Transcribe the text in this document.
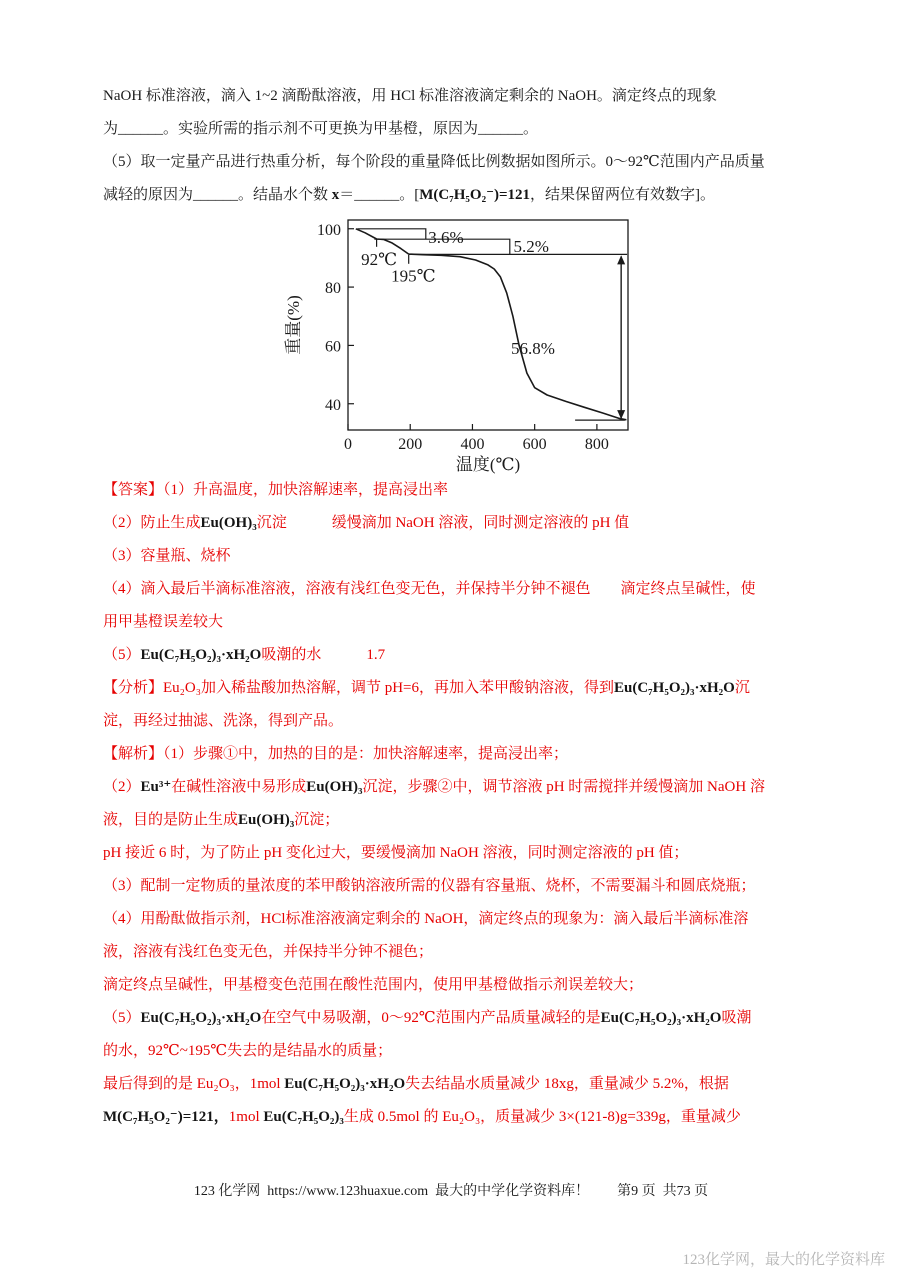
NaOH 标准溶液，滴入 1~2 滴酚酞溶液，用 HCl 标准溶液滴定剩余的 NaOH。滴定终点的现象
为______。实验所需的指示剂不可更换为甲基橙，原因为______。
（5）取一定量产品进行热重分析，每个阶段的重量降低比例数据如图所示。0～92℃范围内产品质量
减轻的原因为______。结晶水个数 x＝______。[M(C₇H₅O₂⁻)=121，结果保留两位有效数字]。
40
60
80
100
0	200 400 600 800
温度(℃)
重量(%)
3.6%	5.2%
56.8%
92℃
195℃
【答案】（1）升高温度，加快溶解速率，提高浸出率
（2）防止生成Eu(OH)₃沉淀　　　缓慢滴加 NaOH 溶液，同时测定溶液的 pH 值
（3）容量瓶、烧杯
（4）滴入最后半滴标准溶液，溶液有浅红色变无色，并保持半分钟不褪色　　滴定终点呈碱性，使
用甲基橙误差较大
（5）Eu(C₇H₅O₂)₃·xH₂O吸潮的水　　　1.7
【分析】Eu₂O₃加入稀盐酸加热溶解，调节 pH=6，再加入苯甲酸钠溶液，得到Eu(C₇H₅O₂)₃·xH₂O沉
淀，再经过抽滤、洗涤，得到产品。
【解析】（1）步骤①中，加热的目的是：加快溶解速率，提高浸出率；
（2）Eu³⁺在碱性溶液中易形成Eu(OH)₃沉淀，步骤②中，调节溶液 pH 时需搅拌并缓慢滴加 NaOH 溶
液，目的是防止生成Eu(OH)₃沉淀；
pH 接近 6 时，为了防止 pH 变化过大，要缓慢滴加 NaOH 溶液，同时测定溶液的 pH 值；
（3）配制一定物质的量浓度的苯甲酸钠溶液所需的仪器有容量瓶、烧杯，不需要漏斗和圆底烧瓶；
（4）用酚酞做指示剂，HCl标准溶液滴定剩余的 NaOH，滴定终点的现象为：滴入最后半滴标准溶
液，溶液有浅红色变无色，并保持半分钟不褪色；
滴定终点呈碱性，甲基橙变色范围在酸性范围内，使用甲基橙做指示剂误差较大；
（5）Eu(C₇H₅O₂)₃·xH₂O在空气中易吸潮，0～92℃范围内产品质量减轻的是Eu(C₇H₅O₂)₃·xH₂O吸潮
的水，92℃~195℃失去的是结晶水的质量；
最后得到的是 Eu₂O₃，1mol Eu(C₇H₅O₂)₃·xH₂O失去结晶水质量减少 18xg，重量减少 5.2%，根据
M(C₇H₅O₂⁻)=121，1mol Eu(C₇H₅O₂)₃生成 0.5mol 的 Eu₂O₃，质量减少 3×(121-8)g=339g，重量减少
123 化学网  https://www.123huaxue.com  最大的中学化学资料库！　　第9 页  共73 页
123化学网，最大的化学资料库
